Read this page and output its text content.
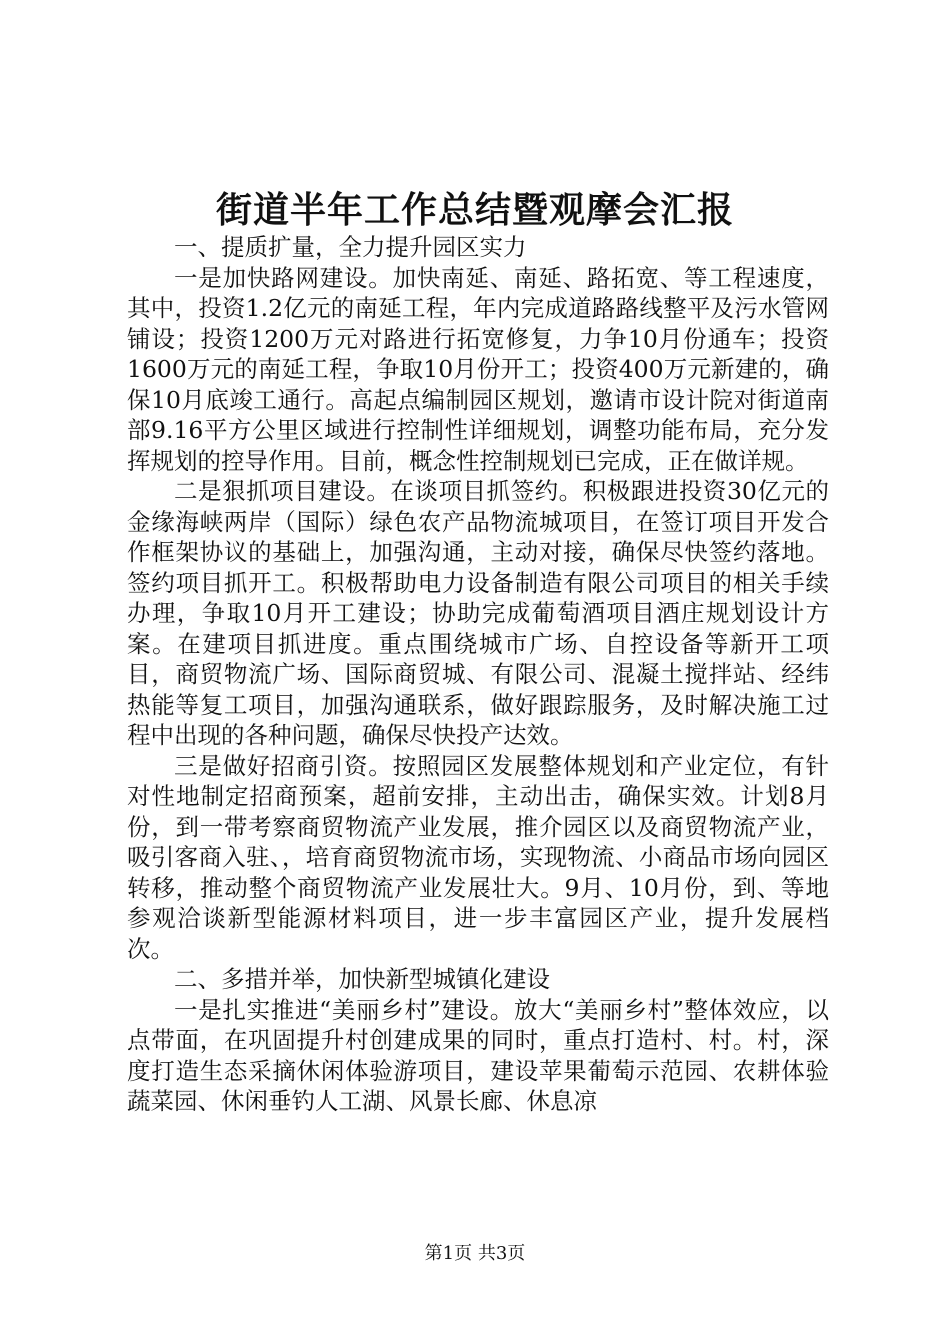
街道半年工作总结暨观摩会汇报

一、提质扩量，全力提升园区实力

一是加快路网建设。加快南延、南延、路拓宽、等工程速度，其中，投资1.2亿元的南延工程，年内完成道路路线整平及污水管网铺设；投资1200万元对路进行拓宽修复，力争10月份通车；投资1600万元的南延工程，争取10月份开工；投资400万元新建的，确保10月底竣工通行。高起点编制园区规划，邀请市设计院对街道南部9.16平方公里区域进行控制性详细规划，调整功能布局，充分发挥规划的控导作用。目前，概念性控制规划已完成，正在做详规。

二是狠抓项目建设。在谈项目抓签约。积极跟进投资30亿元的金缘海峡两岸（国际）绿色农产品物流城项目，在签订项目开发合作框架协议的基础上，加强沟通，主动对接，确保尽快签约落地。签约项目抓开工。积极帮助电力设备制造有限公司项目的相关手续办理，争取10月开工建设；协助完成葡萄酒项目酒庄规划设计方案。在建项目抓进度。重点围绕城市广场、自控设备等新开工项目，商贸物流广场、国际商贸城、有限公司、混凝土搅拌站、经纬热能等复工项目，加强沟通联系，做好跟踪服务，及时解决施工过程中出现的各种问题，确保尽快投产达效。

三是做好招商引资。按照园区发展整体规划和产业定位，有针对性地制定招商预案，超前安排，主动出击，确保实效。计划8月份，到一带考察商贸物流产业发展，推介园区以及商贸物流产业，吸引客商入驻、，培育商贸物流市场，实现物流、小商品市场向园区转移，推动整个商贸物流产业发展壮大。9月、10月份，到、等地参观洽谈新型能源材料项目，进一步丰富园区产业，提升发展档次。

二、多措并举，加快新型城镇化建设

一是扎实推进“美丽乡村”建设。放大“美丽乡村”整体效应，以点带面，在巩固提升村创建成果的同时，重点打造村、村。村，深度打造生态采摘休闲体验游项目，建设苹果葡萄示范园、农耕体验蔬菜园、休闲垂钓人工湖、风景长廊、休息凉

第1页 共3页
